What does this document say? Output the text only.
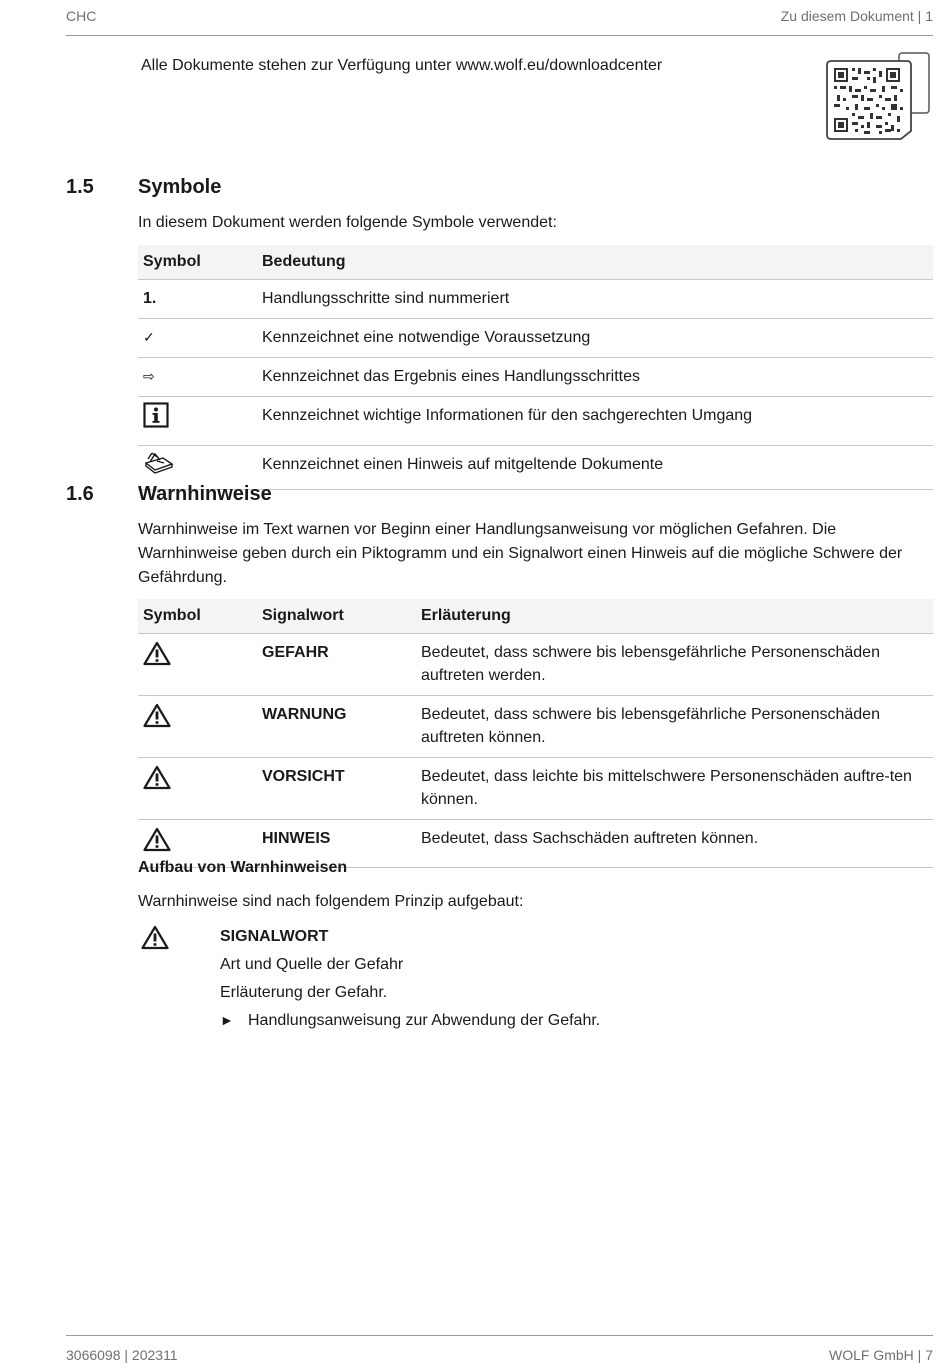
CHC	Zu diesem Dokument | 1
Alle Dokumente stehen zur Verfügung unter www.wolf.eu/downloadcenter
1.5 Symbole
In diesem Dokument werden folgende Symbole verwendet:
Symbol	Bedeutung
1.	Handlungsschritte sind nummeriert
✓	Kennzeichnet eine notwendige Voraussetzung
⇨	Kennzeichnet das Ergebnis eines Handlungsschrittes
	Kennzeichnet wichtige Informationen für den sachgerechten Umgang
	Kennzeichnet einen Hinweis auf mitgeltende Dokumente
1.6 Warnhinweise
Warnhinweise im Text warnen vor Beginn einer Handlungsanweisung vor möglichen Gefahren. Die Warnhinweise geben durch ein Piktogramm und ein Signalwort einen Hinweis auf die mögliche Schwere der Gefährdung.
Symbol	Signalwort	Erläuterung
	GEFAHR	Bedeutet, dass schwere bis lebensgefährliche Personenschäden auftreten werden.
	WARNUNG	Bedeutet, dass schwere bis lebensgefährliche Personenschäden auftreten können.
	VORSICHT	Bedeutet, dass leichte bis mittelschwere Personenschäden auftre-ten können.
	HINWEIS	Bedeutet, dass Sachschäden auftreten können.
Aufbau von Warnhinweisen
Warnhinweise sind nach folgendem Prinzip aufgebaut:
SIGNALWORT
Art und Quelle der Gefahr
Erläuterung der Gefahr.
► Handlungsanweisung zur Abwendung der Gefahr.
3066098 | 202311	WOLF GmbH | 7
